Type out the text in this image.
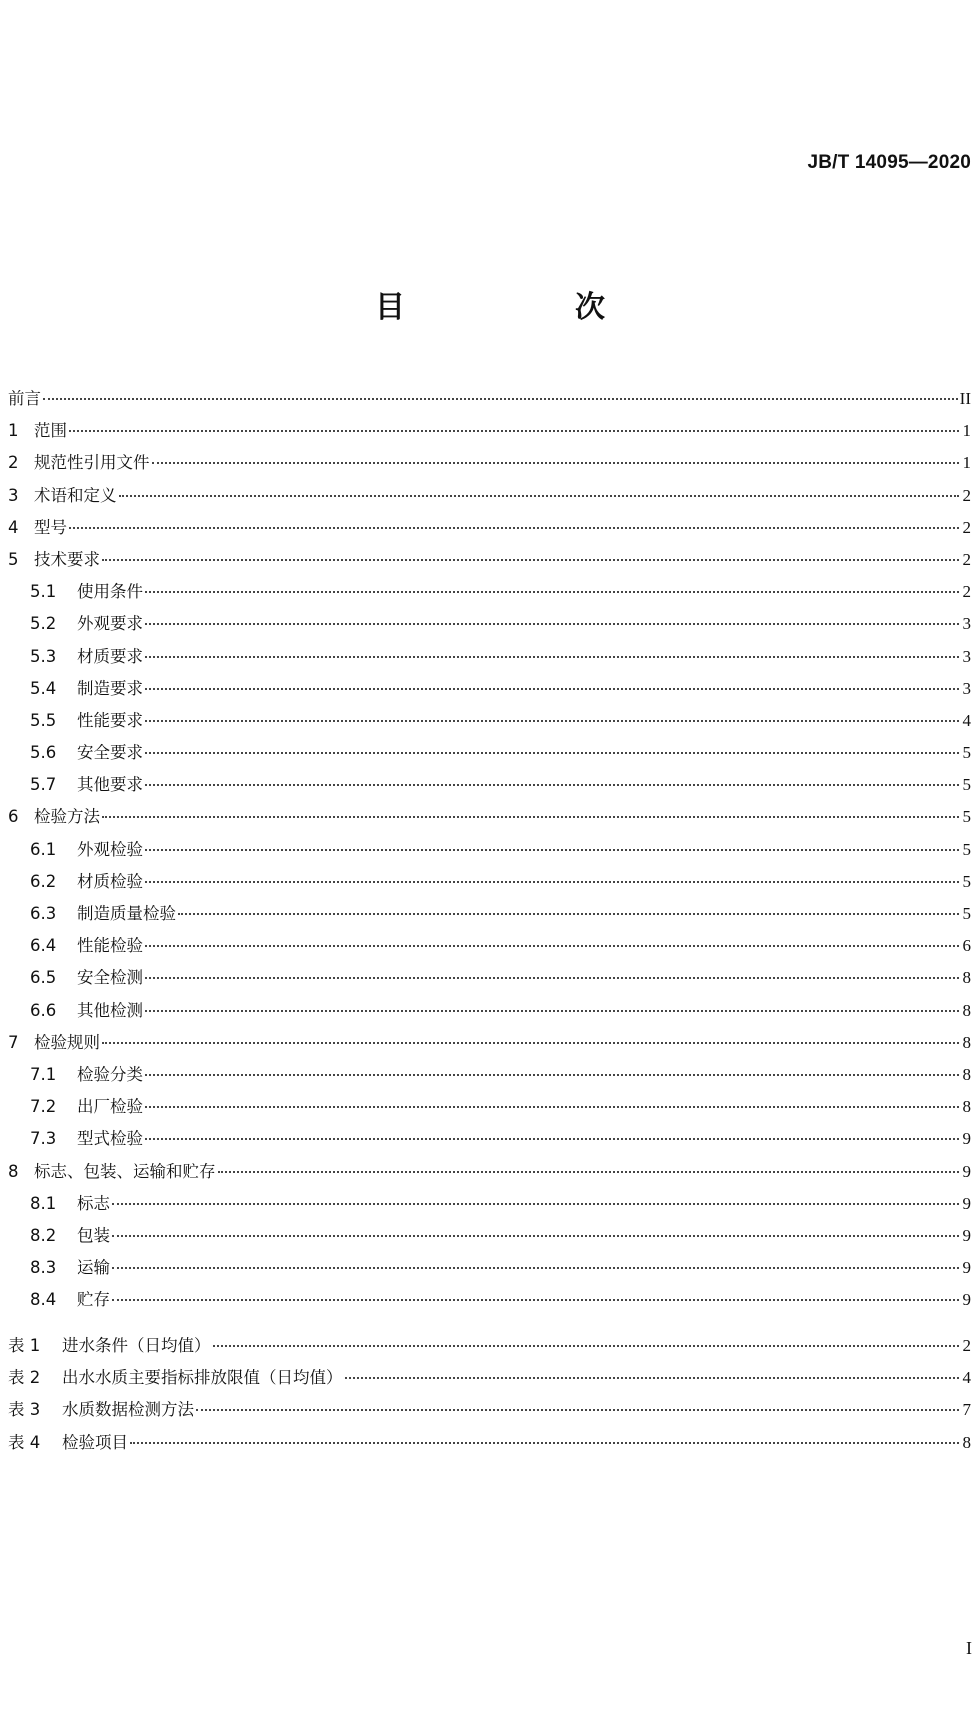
JB/T 14095—2020
目　次
前言	II
1 范围	1
2 规范性引用文件	1
3 术语和定义	2
4 型号	2
5 技术要求	2
5.1	使用条件	2
5.2	外观要求	3
5.3	材质要求	3
5.4	制造要求	3
5.5	性能要求	4
5.6	安全要求	5
5.7	其他要求	5
6 检验方法	5
6.1	外观检验	5
6.2	材质检验	5
6.3	制造质量检验	5
6.4	性能检验	6
6.5	安全检测	8
6.6	其他检测	8
7 检验规则	8
7.1	检验分类	8
7.2	出厂检验	8
7.3	型式检验	9
8 标志、包装、运输和贮存	9
8.1	标志	9
8.2	包装	9
8.3	运输	9
8.4	贮存	9
表 1	进水条件（日均值）	2
表 2	出水水质主要指标排放限值（日均值）	4
表 3	水质数据检测方法	7
表 4	检验项目	8
I
